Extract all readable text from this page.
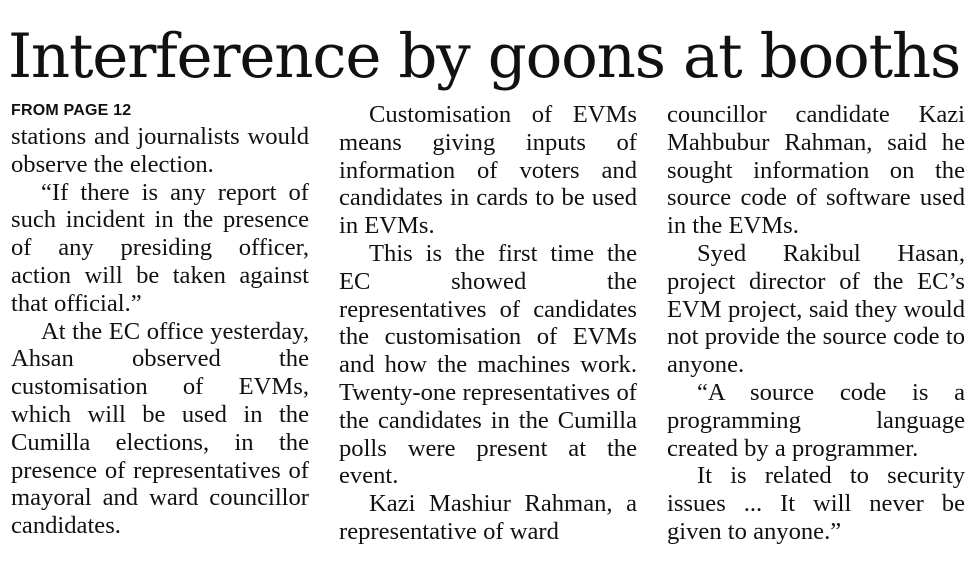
Interference by goons at booths
FROM PAGE 12

stations and journalists would observe the election.

“If there is any report of such incident in the presence of any presiding officer, action will be taken against that official.”

At the EC office yesterday, Ahsan observed the customisation of EVMs, which will be used in the Cumilla elections, in the presence of representatives of mayoral and ward councillor candidates.

Customisation of EVMs means giving inputs of information of voters and candidates in cards to be used in EVMs.

This is the first time the EC showed the representatives of candidates the customisation of EVMs and how the machines work. Twenty-one representatives of the candidates in the Cumilla polls were present at the event.

Kazi Mashiur Rahman, a representative of ward

councillor candidate Kazi Mahbubur Rahman, said he sought information on the source code of software used in the EVMs.

Syed Rakibul Hasan, project director of the EC’s EVM project, said they would not provide the source code to anyone.

“A source code is a programming language created by a programmer.

It is related to security issues ... It will never be given to anyone.”
